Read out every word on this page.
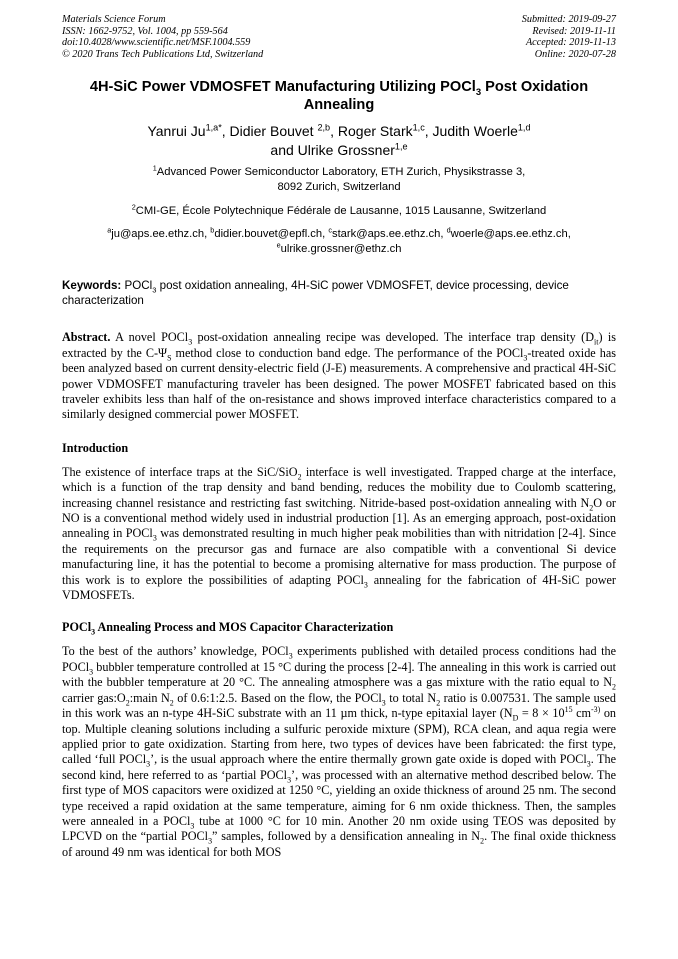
Materials Science Forum
ISSN: 1662-9752, Vol. 1004, pp 559-564
doi:10.4028/www.scientific.net/MSF.1004.559
© 2020 Trans Tech Publications Ltd, Switzerland
Submitted: 2019-09-27
Revised: 2019-11-11
Accepted: 2019-11-13
Online: 2020-07-28
4H-SiC Power VDMOSFET Manufacturing Utilizing POCl$_3$ Post Oxidation Annealing
Yanrui $Ju^{1,a*}$, Didier Bouvet $^{2,b}$, Roger Stark$^{1,c}$, Judith Woerle$^{1,d}$
and Ulrike Grossner$^{1,e}$
$^1$Advanced Power Semiconductor Laboratory, ETH Zurich, Physikstrasse 3,
8092 Zurich, Switzerland
$^2$CMI-GE, École Polytechnique Fédérale de Lausanne, 1015 Lausanne, Switzerland
$^a$ju@aps.ee.ethz.ch, $^b$didier.bouvet@epfl.ch, $^c$stark@aps.ee.ethz.ch, $^d$woerle@aps.ee.ethz.ch,
$^e$ulrike.grossner@ethz.ch
Keywords: POCl$_3$ post oxidation annealing, 4H-SiC power VDMOSFET, device processing, device characterization
Abstract. A novel POCl$_3$ post-oxidation annealing recipe was developed. The interface trap density $(D_{it})$ is extracted by the $C-\Psi_S$ method close to conduction band edge. The performance of the POCl$_3$-treated oxide has been analyzed based on current density-electric field (J-E) measurements. A comprehensive and practical 4H-SiC power VDMOSFET manufacturing traveler has been designed. The power MOSFET fabricated based on this traveler exhibits less than half of the on-resistance and shows improved interface characteristics compared to a similarly designed commercial power MOSFET.
Introduction
The existence of interface traps at the SiC/SiO$_2$ interface is well investigated. Trapped charge at the interface, which is a function of the trap density and band bending, reduces the mobility due to Coulomb scattering, increasing channel resistance and restricting fast switching. Nitride-based post-oxidation annealing with $N_2O$ or NO is a conventional method widely used in industrial production [1]. As an emerging approach, post-oxidation annealing in POCl$_3$ was demonstrated resulting in much higher peak mobilities than with nitridation [2-4]. Since the requirements on the precursor gas and furnace are also compatible with a conventional Si device manufacturing line, it has the potential to become a promising alternative for mass production. The purpose of this work is to explore the possibilities of adapting POCl$_3$ annealing for the fabrication of 4H-SiC power VDMOSFETs.
POCl$_3$ Annealing Process and MOS Capacitor Characterization
To the best of the authors’ knowledge, POCl$_3$ experiments published with detailed process conditions had the POCl$_3$ bubbler temperature controlled at 15 °C during the process [2-4]. The annealing in this work is carried out with the bubbler temperature at 20 °C. The annealing atmosphere was a gas mixture with the ratio equal to $N_2$ carrier $gas:O_2:main$ $N_2$ of 0.6:1:2.5. Based on the flow, the POCl$_3$ to total $N_2$ ratio is 0.007531. The sample used in this work was an n-type 4H-SiC substrate with an 11 µm thick, n-type epitaxial layer ($N_D = 8 \times 10^{15}$ $cm^{-3)}$ on top. Multiple cleaning solutions including a sulfuric peroxide mixture (SPM), RCA clean, and aqua regia were applied prior to gate oxidization. Starting from here, two types of devices have been fabricated: the first type, called ‘full POCl$_3$’, is the usual approach where the entire thermally grown gate oxide is doped with POCl$_3$. The second kind, here referred to as ‘partial POCl$_3$’, was processed with an alternative method described below. The first type of MOS capacitors were oxidized at 1250 °C, yielding an oxide thickness of around 25 nm. The second type received a rapid oxidation at the same temperature, aiming for 6 nm oxide thickness. Then, the samples were annealed in a POCl$_3$ tube at 1000 °C for 10 min. Another 20 nm oxide using TEOS was deposited by LPCVD on the “partial POCl$_3$” samples, followed by a densification annealing in $N_2$. The final oxide thickness of around 49 nm was identical for both MOS
